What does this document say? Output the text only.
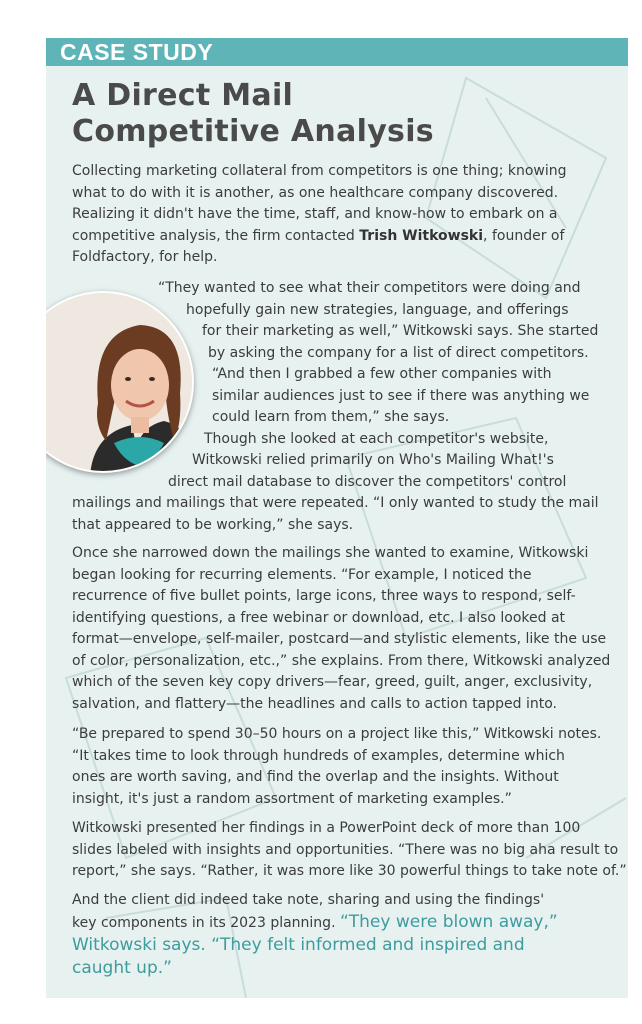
CASE STUDY
A Direct Mail
Competitive Analysis
Collecting marketing collateral from competitors is one thing; knowing
what to do with it is another, as one healthcare company discovered.
Realizing it didn't have the time, staff, and know-how to embark on a
competitive analysis, the firm contacted Trish Witkowski, founder of
Foldfactory, for help.
“They wanted to see what their competitors were doing and
hopefully gain new strategies, language, and offerings
for their marketing as well,” Witkowski says. She started
by asking the company for a list of direct competitors.
“And then I grabbed a few other companies with
similar audiences just to see if there was anything we
could learn from them,” she says.
Though she looked at each competitor's website,
Witkowski relied primarily on Who's Mailing What!'s
direct mail database to discover the competitors' control
mailings and mailings that were repeated. “I only wanted to study the mail
that appeared to be working,” she says.
Once she narrowed down the mailings she wanted to examine, Witkowski
began looking for recurring elements. “For example, I noticed the
recurrence of five bullet points, large icons, three ways to respond, self-
identifying questions, a free webinar or download, etc. I also looked at
format—envelope, self-mailer, postcard—and stylistic elements, like the use
of color, personalization, etc.,” she explains. From there, Witkowski analyzed
which of the seven key copy drivers—fear, greed, guilt, anger, exclusivity,
salvation, and flattery—the headlines and calls to action tapped into.
“Be prepared to spend 30–50 hours on a project like this,” Witkowski notes.
“It takes time to look through hundreds of examples, determine which
ones are worth saving, and find the overlap and the insights. Without
insight, it's just a random assortment of marketing examples.”
Witkowski presented her findings in a PowerPoint deck of more than 100
slides labeled with insights and opportunities. “There was no big aha result to
report,” she says. “Rather, it was more like 30 powerful things to take note of.”
And the client did indeed take note, sharing and using the findings'
key components in its 2023 planning. “They were blown away,”
Witkowski says. “They felt informed and inspired and
caught up.”
